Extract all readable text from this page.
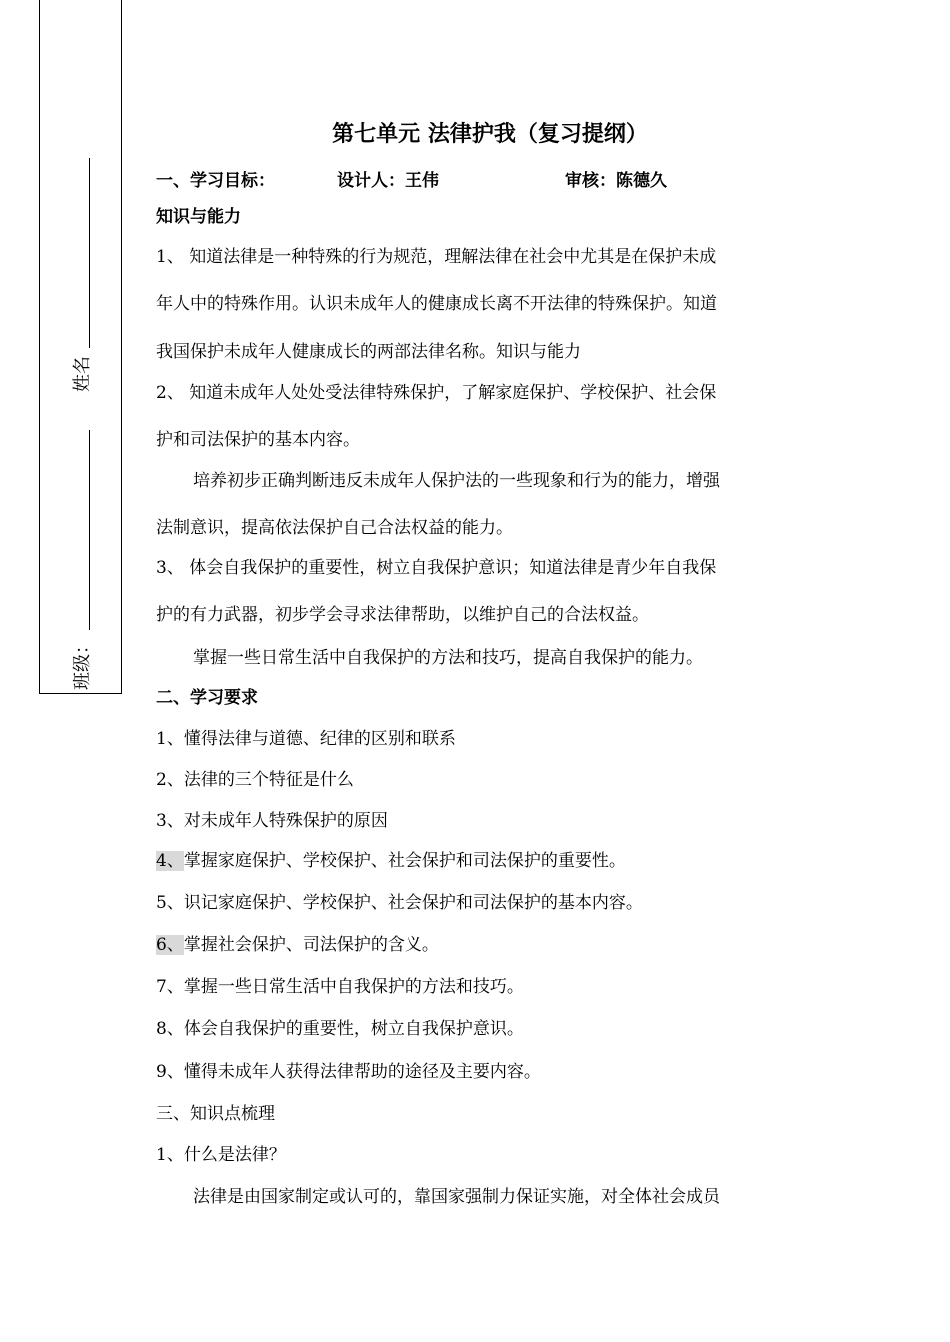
姓名
班级：
第七单元 法律护我（复习提纲）
一、学习目标：	设计人：王伟	审核：陈德久
知识与能力
1、 知道法律是一种特殊的行为规范，理解法律在社会中尤其是在保护未成
年人中的特殊作用。认识未成年人的健康成长离不开法律的特殊保护。知道
我国保护未成年人健康成长的两部法律名称。知识与能力
2、 知道未成年人处处受法律特殊保护，了解家庭保护、学校保护、社会保
护和司法保护的基本内容。
培养初步正确判断违反未成年人保护法的一些现象和行为的能力，增强
法制意识，提高依法保护自己合法权益的能力。
3、 体会自我保护的重要性，树立自我保护意识；知道法律是青少年自我保
护的有力武器，初步学会寻求法律帮助，以维护自己的合法权益。
掌握一些日常生活中自我保护的方法和技巧，提高自我保护的能力。
二、学习要求
1、懂得法律与道德、纪律的区别和联系
2、法律的三个特征是什么
3、对未成年人特殊保护的原因
4、掌握家庭保护、学校保护、社会保护和司法保护的重要性。
5、识记家庭保护、学校保护、社会保护和司法保护的基本内容。
6、掌握社会保护、司法保护的含义。
7、掌握一些日常生活中自我保护的方法和技巧。
8、体会自我保护的重要性，树立自我保护意识。
9、懂得未成年人获得法律帮助的途径及主要内容。
三、知识点梳理
1、什么是法律？
法律是由国家制定或认可的，靠国家强制力保证实施，对全体社会成员
